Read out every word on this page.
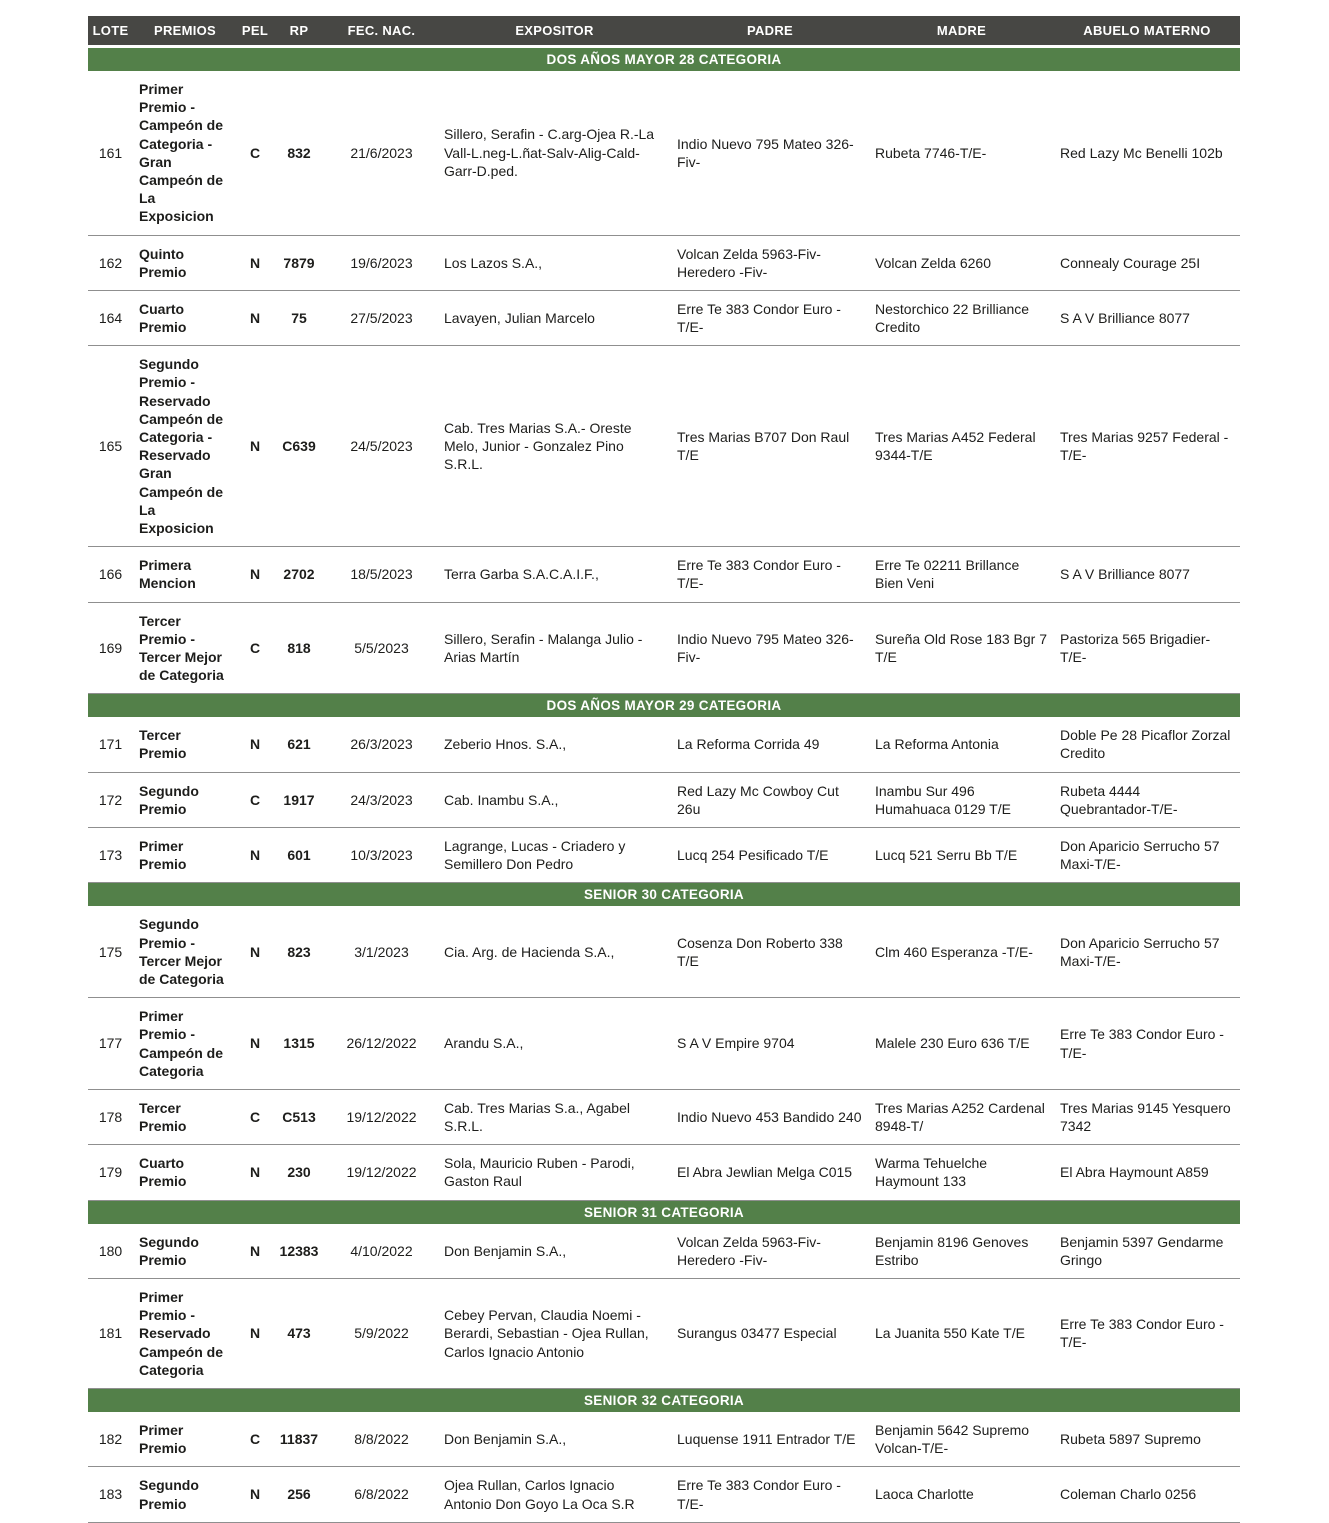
LOTE	PREMIOS	PEL	RP	FEC. NAC.	EXPOSITOR	PADRE	MADRE	ABUELO MATERNO
DOS AÑOS MAYOR 28 CATEGORIA								
161	Primer Premio - Campeón de Categoria - Gran Campeón de La Exposicion	C	832	21/6/2023	Sillero, Serafin - C.arg-Ojea R.-La Vall-L.neg-L.ñat-Salv-Alig-Cald-Garr-D.ped.	Indio Nuevo 795 Mateo 326-Fiv-	Rubeta 7746-T/E-	Red Lazy Mc Benelli 102b
162	Quinto Premio	N	7879	19/6/2023	Los Lazos S.A.,	Volcan Zelda 5963-Fiv-Heredero -Fiv-	Volcan Zelda 6260	Connealy Courage 25I
164	Cuarto Premio	N	75	27/5/2023	Lavayen, Julian Marcelo	Erre Te 383 Condor Euro -T/E-	Nestorchico 22 Brilliance Credito	S A V Brilliance 8077
165	Segundo Premio - Reservado Campeón de Categoria -Reservado Gran Campeón de La Exposicion	N	C639	24/5/2023	Cab. Tres Marias S.A.- Oreste Melo, Junior - Gonzalez Pino S.R.L.	Tres Marias B707 Don Raul T/E	Tres Marias A452 Federal 9344-T/E	Tres Marias 9257 Federal -T/E-
166	Primera Mencion	N	2702	18/5/2023	Terra Garba S.A.C.A.I.F.,	Erre Te 383 Condor Euro -T/E-	Erre Te 02211 Brillance Bien Veni	S A V Brilliance 8077
169	Tercer Premio - Tercer Mejor de Categoria	C	818	5/5/2023	Sillero, Serafin - Malanga Julio - Arias Martín	Indio Nuevo 795 Mateo 326-Fiv-	Sureña Old Rose 183 Bgr 7 T/E	Pastoriza 565 Brigadier-T/E-
DOS AÑOS MAYOR 29 CATEGORIA								
171	Tercer Premio	N	621	26/3/2023	Zeberio Hnos. S.A.,	La Reforma Corrida 49	La Reforma Antonia	Doble Pe 28 Picaflor Zorzal Credito
172	Segundo Premio	C	1917	24/3/2023	Cab. Inambu S.A.,	Red Lazy Mc Cowboy Cut 26u	Inambu Sur 496 Humahuaca 0129 T/E	Rubeta 4444 Quebrantador-T/E-
173	Primer Premio	N	601	10/3/2023	Lagrange, Lucas - Criadero y Semillero Don Pedro	Lucq 254 Pesificado T/E	Lucq 521 Serru Bb T/E	Don Aparicio Serrucho 57 Maxi-T/E-
SENIOR 30 CATEGORIA								
175	Segundo Premio - Tercer Mejor de Categoria	N	823	3/1/2023	Cia. Arg. de Hacienda S.A.,	Cosenza Don Roberto 338 T/E	Clm 460 Esperanza -T/E-	Don Aparicio Serrucho 57 Maxi-T/E-
177	Primer Premio - Campeón de Categoria	N	1315	26/12/2022	Arandu S.A.,	S A V Empire 9704	Malele 230 Euro 636 T/E	Erre Te 383 Condor Euro -T/E-
178	Tercer Premio	C	C513	19/12/2022	Cab. Tres Marias S.a., Agabel S.R.L.	Indio Nuevo 453 Bandido 240	Tres Marias A252 Cardenal 8948-T/	Tres Marias 9145 Yesquero 7342
179	Cuarto Premio	N	230	19/12/2022	Sola, Mauricio Ruben - Parodi, Gaston Raul	El Abra Jewlian Melga C015	Warma Tehuelche Haymount 133	El Abra Haymount A859
SENIOR 31 CATEGORIA								
180	Segundo Premio	N	12383	4/10/2022	Don Benjamin S.A.,	Volcan Zelda 5963-Fiv-Heredero -Fiv-	Benjamin 8196 Genoves Estribo	Benjamin 5397 Gendarme Gringo
181	Primer Premio - Reservado Campeón de Categoria	N	473	5/9/2022	Cebey Pervan, Claudia Noemi - Berardi, Sebastian - Ojea Rullan, Carlos Ignacio Antonio	Surangus 03477 Especial	La Juanita 550 Kate T/E	Erre Te 383 Condor Euro -T/E-
SENIOR 32 CATEGORIA								
182	Primer Premio	C	11837	8/8/2022	Don Benjamin S.A.,	Luquense 1911 Entrador T/E	Benjamin 5642 Supremo Volcan-T/E-	Rubeta 5897 Supremo
183	Segundo Premio	N	256	6/8/2022	Ojea Rullan, Carlos Ignacio Antonio Don Goyo La Oca S.R	Erre Te 383 Condor Euro -T/E-	Laoca Charlotte	Coleman Charlo 0256
